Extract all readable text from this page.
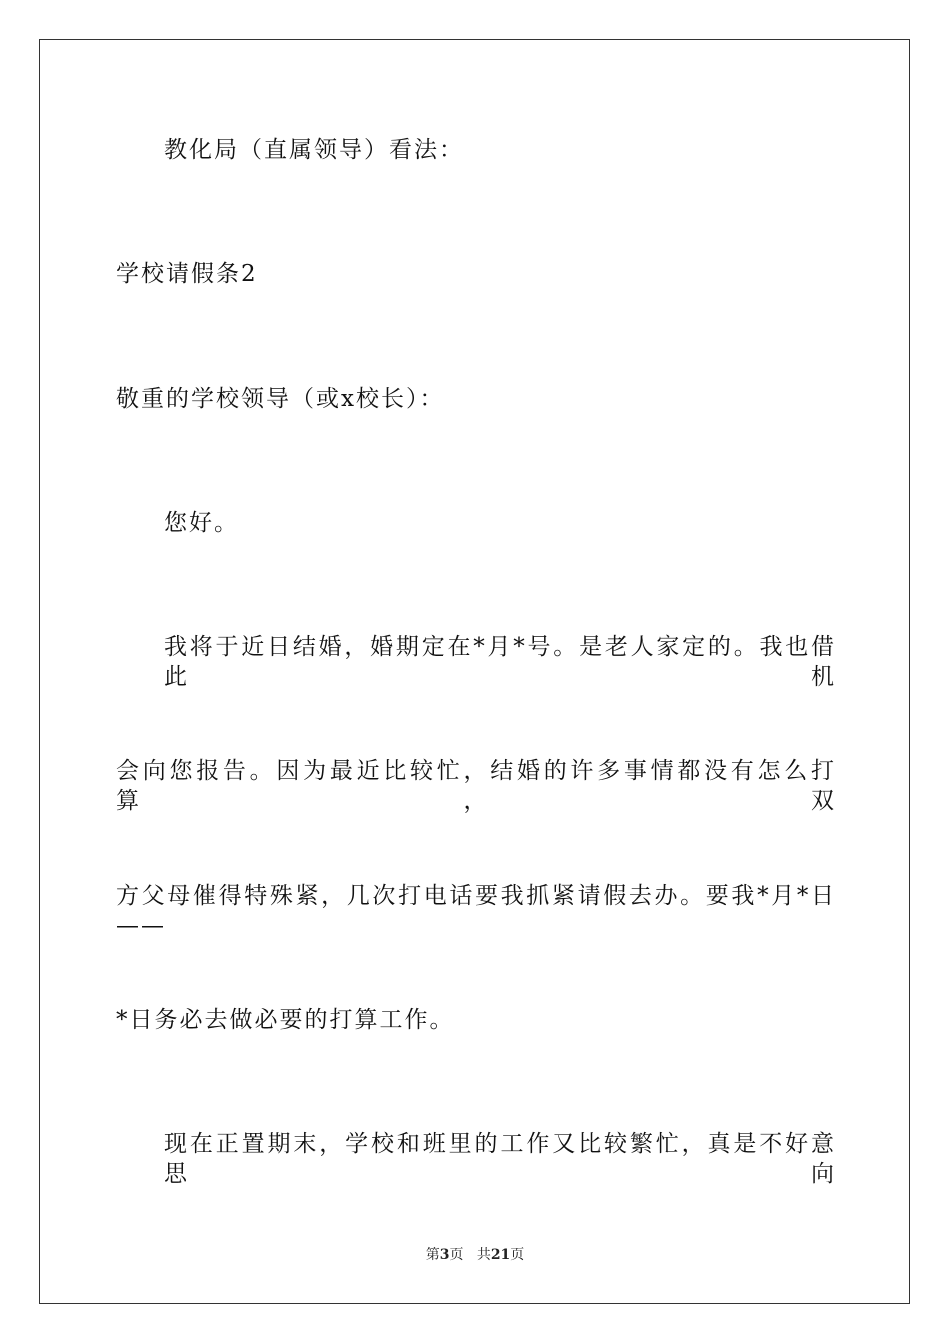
教化局（直属领导）看法：
学校请假条2
敬重的学校领导（或x校长）：
您好。
我将于近日结婚，婚期定在*月*号。是老人家定的。我也借此机
会向您报告。因为最近比较忙，结婚的许多事情都没有怎么打算，双
方父母催得特殊紧，几次打电话要我抓紧请假去办。要我*月*日——
*日务必去做必要的打算工作。
现在正置期末，学校和班里的工作又比较繁忙，真是不好意思向
第3页 共21页
